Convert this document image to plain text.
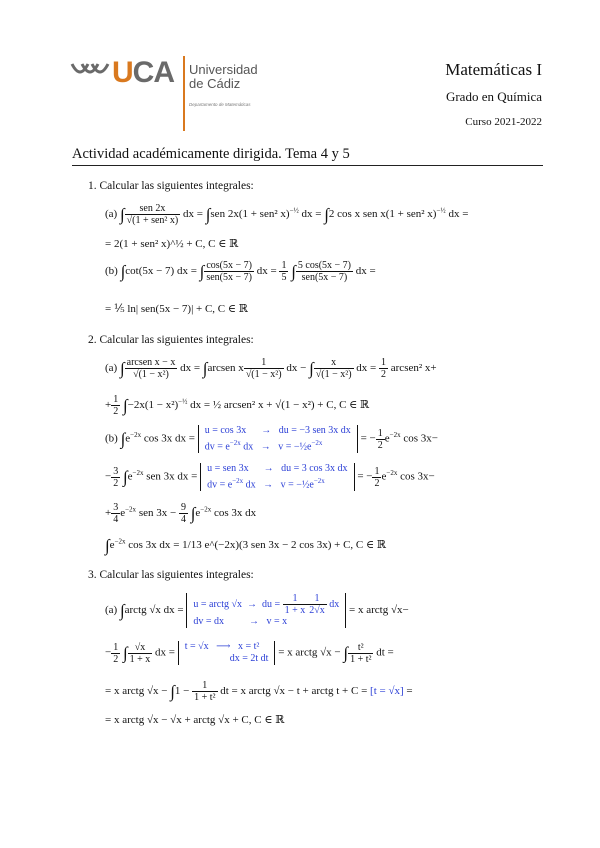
UCA Universidad
de Cádiz
Departamento de Matemáticas
Matemáticas I
Grado en Química
Curso 2021-2022
Actividad académicamente dirigida. Tema 4 y 5
1. Calcular las siguientes integrales:
(a) ∫ $\frac{\text{sen 2x}}{\text{√(1 + sen² x)}}$ dx = ∫sen 2x(1 + sen² x)$^{-\frac{1}{2}}$ dx = ∫2 cos x sen x(1 + sen² x)$^{-\frac{1}{2}}$ dx =
= 2(1 + sen² x)^½ + C, C ∈ ℝ
(b) ∫cot(5x − 7) dx = ∫ $\frac{\cos(5x - 7)}{\text{sen(5x − 7)}}$ dx = $\frac{1}{5}$ ∫ $\frac{5 \cos(5x - 7)}{\text{sen(5x − 7)}}$ dx =
= ⅕ ln| sen(5x − 7)| + C, C ∈ ℝ
2. Calcular las siguientes integrales:
(a) ∫ $\frac{\text{arcsen x − x}}{\text{√(1 − x²)}}$ dx = ∫arcsen x $\frac{1}{\text{√(1 − x²)}}$ dx − ∫ $\frac{x}{\text{√(1 − x²)}}$ dx = $\frac{1}{2}$ arcsen² x+
+ $\frac{1}{2} \int-2x(1 - x^2)^{-\frac{1}{2}}$ dx = ½ arcsen² x + √(1 − x²) + C, C ∈ ℝ
(b) $\int e^{-2x}$ cos 3x dx =
u = cos 3x      →   du = −3 sen 3x dx
dv = $e^{-2x}$ dx   →   $v = -\frac{1}{2}e^{-2x}$	= − $\frac{1}{2} e^{-2x}$ cos 3x−
− $\frac{3}{2} \int e^{-2x}$ sen 3x dx =
u = sen 3x      →   du = 3 cos 3x dx
dv = $e^{-2x}$ dx   →   $v = -\frac{1}{2}e^{-2x}$	= − $\frac{1}{2} e^{-2x}$ cos 3x−
+ $\frac{3}{4} e^{-2x}$ sen $3x - \frac{9}{4} \int e^{-2x}$ cos 3x dx
$\int e^{-2x}$ cos 3x dx = 1/13 e^(−2x)(3 sen 3x − 2 cos 3x) + C, C ∈ ℝ
3. Calcular las siguientes integrales:
(a) ∫arctg √x dx = u = arctg √x  →  du = $\frac{1}{1 + x} \frac{1}{2√x}$ dx
dv = dx          →   v = x
= x arctg √x−
− $\frac{1}{2}$ ∫ $\frac{√x}{1 + x}$ dx =
t = √x   ⟶   x = t²
dx = 2t dt = x arctg √x − ∫ $\frac{\text{t²}}{\text{1 + t²}}$ dt =
= x arctg $√x - \int 1 - \frac{1}{\text{1 + t²}}$ dt = x arctg √x − t + arctg t + C = [t = √x] =
= x arctg √x − √x + arctg √x + C, C ∈ ℝ
